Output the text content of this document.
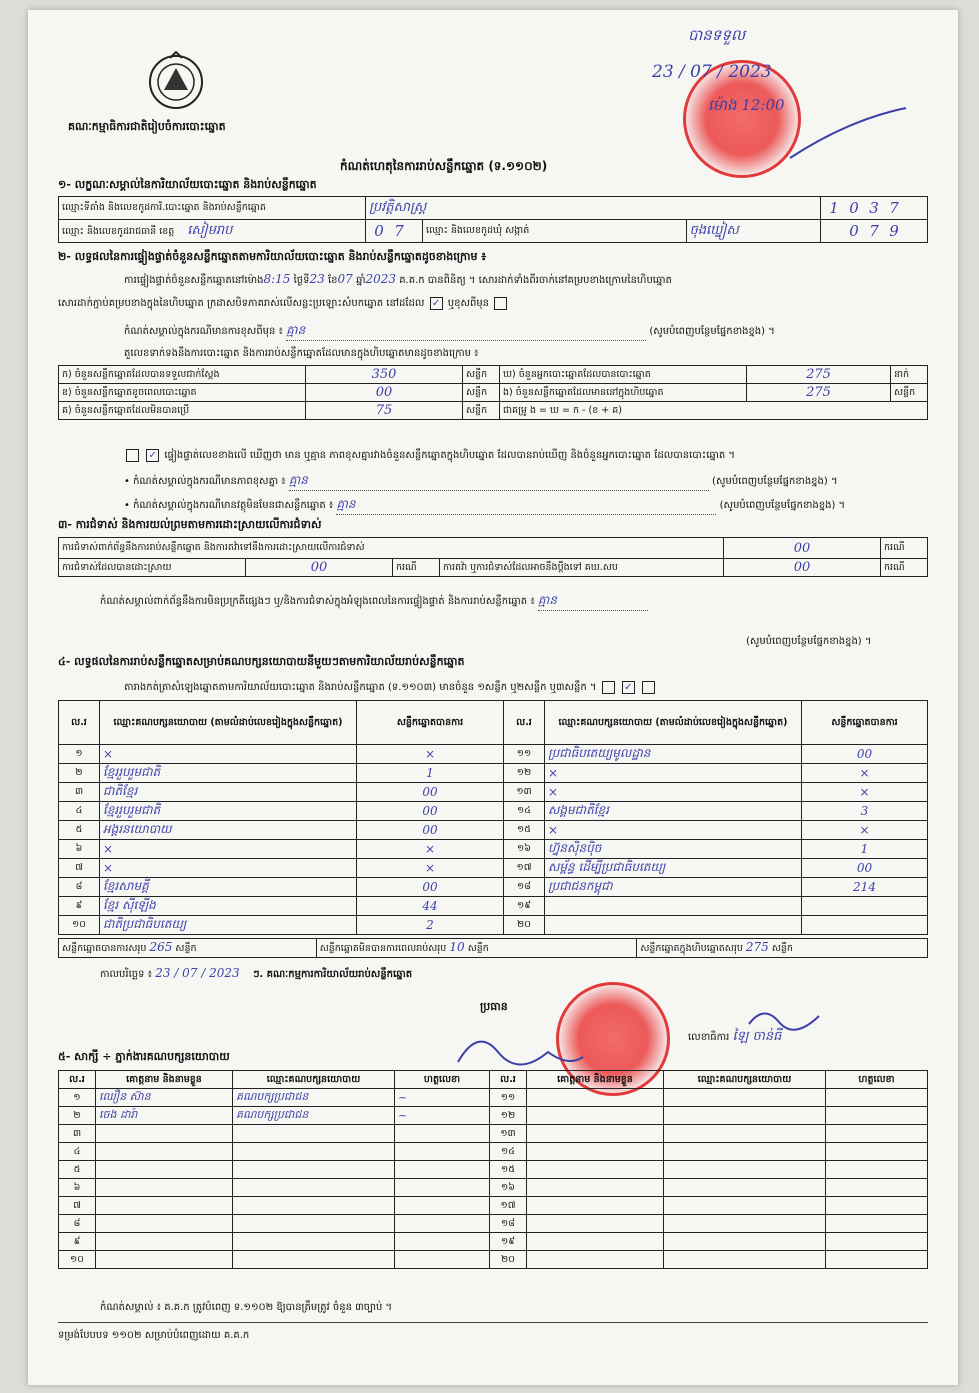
គណៈកម្មាធិការជាតិរៀបចំការបោះឆ្នោត
បានទទួល
23 / 07 / 2023
ម៉ោង 12:00
កំណត់ហេតុនៃការរាប់សន្លឹកឆ្នោត (ទ.១១០២)
១- លក្ខណៈសម្គាល់នៃការិយាល័យបោះឆ្នោត និងរាប់សន្លឹកឆ្នោត
ឈ្មោះទីតាំង និងលេខកូដការិ.បោះឆ្នោត និងរាប់សន្លឹកឆ្នោត	ប្រវត្តិសាស្ត្រ			1 0 3 7
ឈ្មោះ និងលេខកូដរាជធានី ខេត្ត សៀមរាប	0 7	ឈ្មោះ និងលេខកូដឃុំ សង្កាត់	ចុងឃ្នៀស	0 7 9
២- លទ្ធផលនៃការផ្ទៀងផ្ទាត់ចំនួនសន្លឹកឆ្នោតតាមការិយាល័យបោះឆ្នោត និងរាប់សន្លឹកឆ្នោតដូចខាងក្រោម ៖
ការផ្ទៀងផ្ទាត់ចំនួនសន្លឹកឆ្នោតនៅម៉ោង8:15 ថ្ងៃទី23 ខែ07 ឆ្នាំ2023 គ.គ.ក បានពិនិត្យ ។ សោរដាក់ទាំងពីរចាក់នៅគម្របខាងក្រោមនៃហិបឆ្នោត
សោរដាក់ភ្ជាប់គម្របខាងក្នុងនៃហិបឆ្នោត ក្រដាសបិទភាគរាស់លើសន្លះប្រឡោះសំបកឆ្នោត នៅដដែល ✓ ឬខុសពីមុន
កំណត់សម្គាល់ក្នុងករណីមានការខុសពីមុន ៖ គ្មាន	(សូមបំពេញបន្ថែមផ្នែកខាងខ្នង) ។
តួលេខទាក់ទងនឹងការបោះឆ្នោត និងការរាប់សន្លឹកឆ្នោតដែលមានក្នុងហិបឆ្នោតមានដូចខាងក្រោម ៖
ក) ចំនួនសន្លឹកឆ្នោតដែលបានទទួលជាក់ស្តែង	350	សន្លឹក	ឃ) ចំនួនអ្នកបោះឆ្នោតដែលបានបោះឆ្នោត	275	នាក់
ខ) ចំនួនសន្លឹកឆ្នោតខូចពេលបោះឆ្នោត	00	សន្លឹក	ង) ចំនួនសន្លឹកឆ្នោតដែលមាននៅក្នុងហិបឆ្នោត	275	សន្លឹក
គ) ចំនួនសន្លឹកឆ្នោតដែលមិនបានប្រើ	75	សន្លឹក	ជាគម្រូ ង = ឃ = ក - (ខ + គ)		
✓ ផ្ទៀងផ្ទាត់លេខខាងលើ ឃើញថា មាន ឬគ្មាន ភាពខុសគ្នារវាងចំនួនសន្លឹកឆ្នោតក្នុងហិបឆ្នោត ដែលបានរាប់ឃើញ និងចំនួនអ្នកបោះឆ្នោត ដែលបានបោះឆ្នោត ។
• កំណត់សម្គាល់ក្នុងករណីមានភាពខុសគ្នា ៖ គ្មាន	(សូមបំពេញបន្ថែមផ្នែកខាងខ្នង) ។
• កំណត់សម្គាល់ក្នុងករណីមានវត្ថុមិនមែនជាសន្លឹកឆ្នោត ៖ គ្មាន	(សូមបំពេញបន្ថែមផ្នែកខាងខ្នង) ។
៣- ការជំទាស់ និងការយល់ព្រមតាមការដោះស្រាយលើការជំទាស់
ការជំទាស់ពាក់ព័ន្ធនឹងការរាប់សន្លឹកឆ្នោត និងការតវ៉ាទៅនឹងការដោះស្រាយលើការជំទាស់				00	ករណី
ការជំទាស់ដែលបានដោះស្រាយ	00	ករណី	ការតវ៉ា ឬការជំទាស់ដែលអាចនឹងប្តឹងទៅ គឃ.សប	00	ករណី
កំណត់សម្គាល់ពាក់ព័ន្ធនឹងការមិនប្រក្រតីផ្សេងៗ ឬ/និងការជំទាស់ក្នុងអំឡុងពេលនៃការផ្ទៀងផ្ទាត់ និងការរាប់សន្លឹកឆ្នោត ៖ គ្មាន
(សូមបំពេញបន្ថែមផ្នែកខាងខ្នង) ។
៤- លទ្ធផលនៃការរាប់សន្លឹកឆ្នោតសម្រាប់គណបក្សនយោបាយនីមួយៗតាមការិយាល័យរាប់សន្លឹកឆ្នោត
តារាងកត់ត្រាសំឡេងឆ្នោតតាមការិយាល័យបោះឆ្នោត និងរាប់សន្លឹកឆ្នោត (ទ.១១០៣) មានចំនួន ១សន្លឹក ឬ២សន្លឹក ឬ៣សន្លឹក ។	✓
ល.រ	ឈ្មោះគណបក្សនយោបាយ (តាមលំដាប់លេខរៀងក្នុងសន្លឹកឆ្នោត)	សន្លឹកឆ្នោតបានការ	ល.រ	ឈ្មោះគណបក្សនយោបាយ (តាមលំដាប់លេខរៀងក្នុងសន្លឹកឆ្នោត)	សន្លឹកឆ្នោតបានការ
១	×	×	១១	ប្រជាធិបតេយ្យមូលដ្ឋាន	00
២	ខ្មែររួបរួមជាតិ	1	១២	×	×
៣	ជាតិខ្មែរ	00	១៣	×	×
៤	ខ្មែររួបរួមជាតិ	00	១៤	សង្គមជាតិខ្មែរ	3
៥	អង្គរនយោបាយ	00	១៥	×	×
៦	×	×	១៦	ហ្វ៊ុនស៊ិនប៉ិច	1
៧	×	×	១៧	សម្ព័ន្ធ ដើម្បីប្រជាធិបតេយ្យ	00
៨	ខ្មែរសាមគ្គី	00	១៨	ប្រជាជនកម្ពុជា	214
៩	ខ្មែរ ស៊ីឡើង	44	១៩		
១០	ជាតិប្រជាធិបតេយ្យ	2	២០		
សន្លឹកឆ្នោតបានការសរុប 265 សន្លឹក	សន្លឹកឆ្នោតមិនបានការពេលរាប់សរុប 10 សន្លឹក	សន្លឹកឆ្នោតក្នុងហិបឆ្នោតសរុប 275 សន្លឹក
កាលបរិច្ឆេទ ៖ 23 / 07 / 2023 ៗ. គណៈកម្មការការិយាល័យរាប់សន្លឹកឆ្នោត
ប្រធាន
លេខាធិការ ឡៃ ចាន់ធី
៥- សាក្សី ÷ ភ្នាក់ងារគណបក្សនយោបាយ
ល.រ	គោត្តនាម និងនាមខ្លួន	ឈ្មោះគណបក្សនយោបាយ	ហត្ថលេខា	ល.រ	គោត្តនាម និងនាមខ្លួន	ឈ្មោះគណបក្សនយោបាយ	ហត្ថលេខា
១	ឈឿន ស៊ាន	គណបក្សប្រជាជន	~	១១			
២	ចេង ដារ៉ា	គណបក្សប្រជាជន	~	១២			
៣				១៣			
៤				១៤			
៥				១៥			
៦				១៦			
៧				១៧			
៨				១៨			
៩				១៩			
១០				២០			
កំណត់សម្គាល់ ៖ គ.គ.ក ត្រូវបំពេញ ទ.១១០២ ឱ្យបានត្រឹមត្រូវ ចំនួន ៣ច្បាប់ ។
ទម្រង់បែបបទ ១១០២ សម្រាប់បំពេញដោយ គ.គ.ក
